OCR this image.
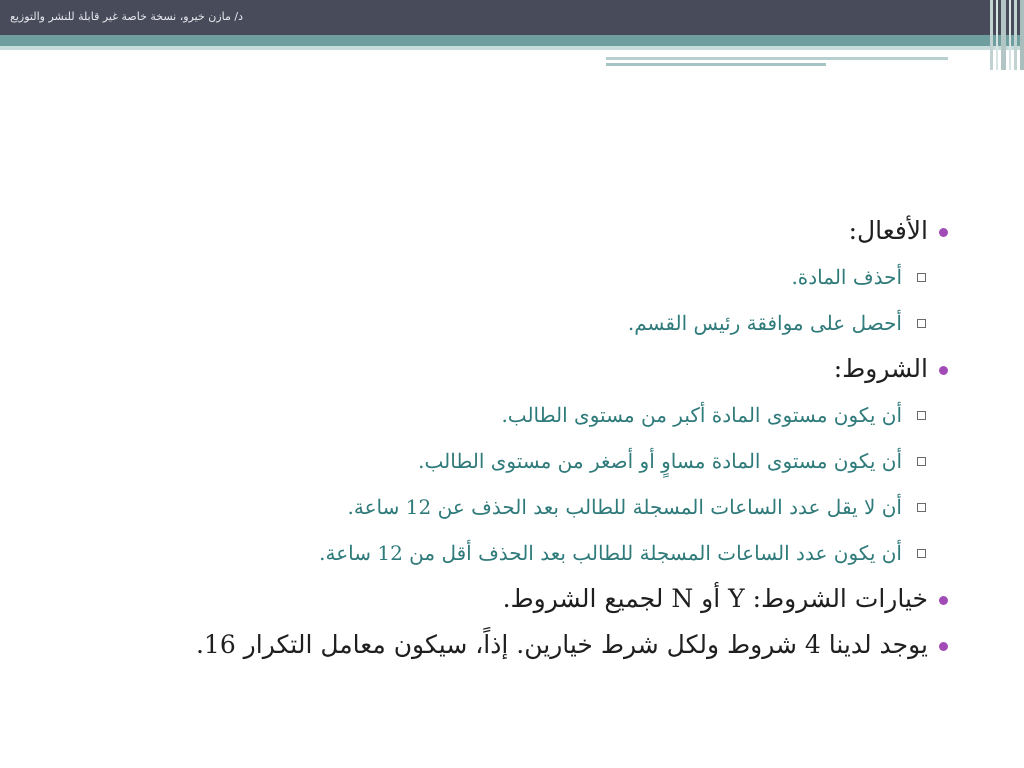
د/ مازن خيرو، نسخة خاصة غير قابلة للنشر والتوزيع
الأفعال:
أحذف المادة.
أحصل على موافقة رئيس القسم.
الشروط:
أن يكون مستوى المادة أكبر من مستوى الطالب.
أن يكون مستوى المادة مساوٍ أو أصغر من مستوى الطالب.
أن لا يقل عدد الساعات المسجلة للطالب بعد الحذف عن 12 ساعة.
أن يكون عدد الساعات المسجلة للطالب بعد الحذف أقل من 12 ساعة.
خيارات الشروط: Y أو N لجميع الشروط.
يوجد لدينا 4 شروط ولكل شرط خيارين. إذاً، سيكون معامل التكرار 16.
